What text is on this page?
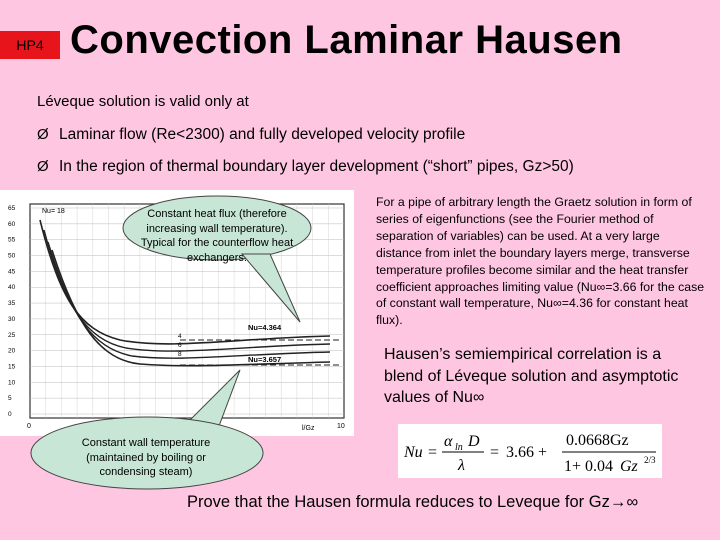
HP4 Convection Laminar Hausen
Léveque solution is valid only at
Ø Laminar flow (Re<2300) and fully developed velocity profile
Ø In the region of thermal boundary layer development (“short” pipes, Gz>50)
65
60
55
50
45
40
35
30
25
20
15
10
5
0
0	10
Nu= 18
4
6
8
Nu=4.364
Nu=3.657
l/Gz
Constant heat flux (therefore increasing wall temperature). Typical for the counterflow heat exchangers.
Constant wall temperature (maintained by boiling or condensing steam)
For a pipe of arbitrary length the Graetz solution in form of series of eigenfunctions (see the Fourier method of separation of variables) can be used. At a very large distance from inlet the boundary layers merge, transverse temperature profiles become similar and the heat transfer coefficient approaches limiting value (Nu∞=3.66 for the case of constant wall temperature, Nu∞=4.36 for constant heat flux).
Hausen’s semiempirical correlation is a blend of Léveque solution and asymptotic values of Nu∞
Nu =
α ln D
λ
= 3.66 +
0.0668Gz
1+ 0.04 Gz 2/3
Prove that the Hausen formula reduces to Leveque for Gz→∞
